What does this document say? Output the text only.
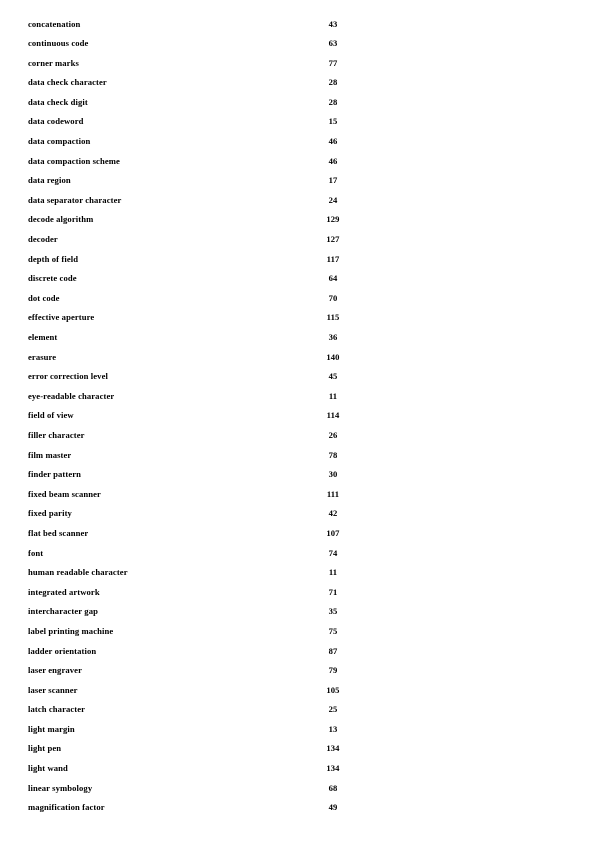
concatenation	43
continuous code	63
corner marks	77
data check character	28
data check digit	28
data codeword	15
data compaction	46
data compaction scheme	46
data region	17
data separator character	24
decode algorithm	129
decoder	127
depth of field	117
discrete code	64
dot code	70
effective aperture	115
element	36
erasure	140
error correction level	45
eye-readable character	11
field of view	114
filler character	26
film master	78
finder pattern	30
fixed beam scanner	111
fixed parity	42
flat bed scanner	107
font	74
human readable character	11
integrated artwork	71
intercharacter gap	35
label printing machine	75
ladder orientation	87
laser engraver	79
laser scanner	105
latch character	25
light margin	13
light pen	134
light wand	134
linear symbology	68
magnification factor	49
